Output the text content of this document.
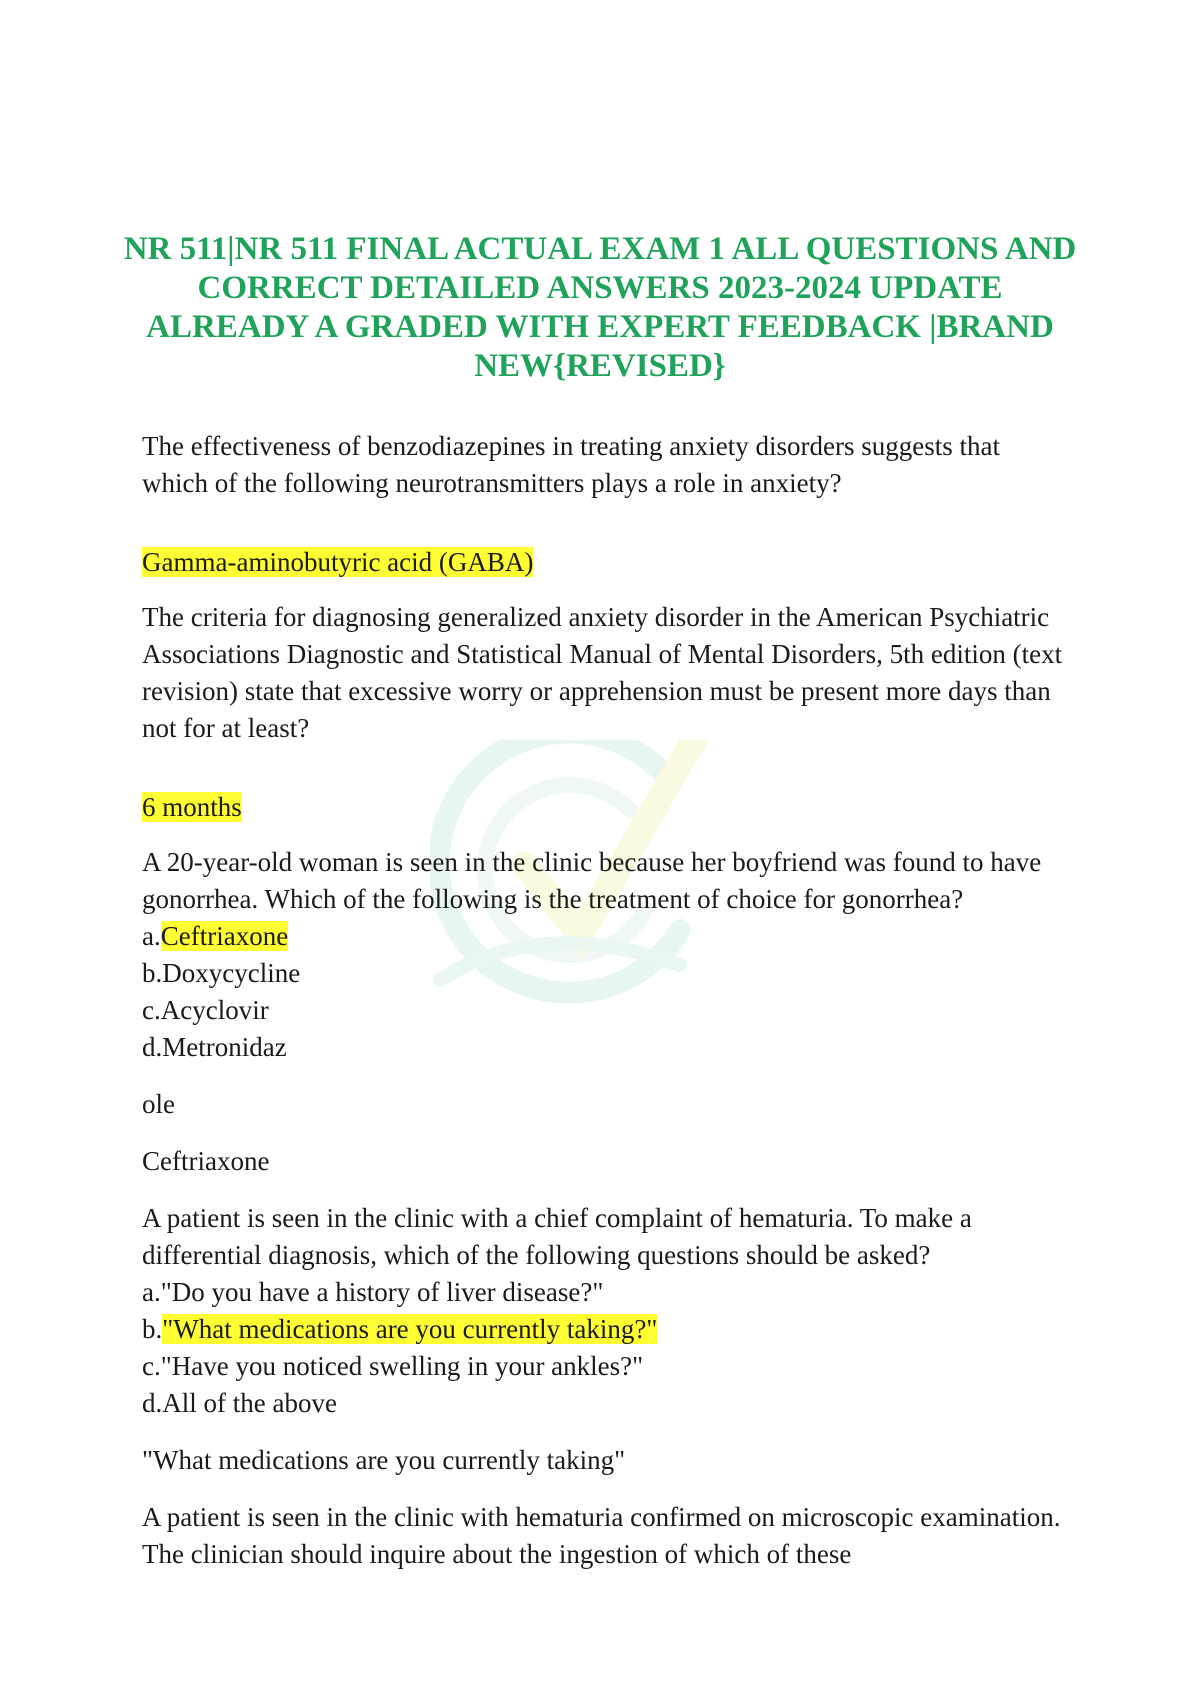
NR 511|NR 511 FINAL ACTUAL EXAM 1 ALL QUESTIONS AND CORRECT DETAILED ANSWERS 2023-2024 UPDATE ALREADY A GRADED WITH EXPERT FEEDBACK |BRAND NEW{REVISED}

The effectiveness of benzodiazepines in treating anxiety disorders suggests that which of the following neurotransmitters plays a role in anxiety?

Gamma-aminobutyric acid (GABA)

The criteria for diagnosing generalized anxiety disorder in the American Psychiatric Associations Diagnostic and Statistical Manual of Mental Disorders, 5th edition (text revision) state that excessive worry or apprehension must be present more days than not for at least?

6 months

A 20-year-old woman is seen in the clinic because her boyfriend was found to have gonorrhea. Which of the following is the treatment of choice for gonorrhea?

a.Ceftriaxone

b.Doxycycline

c.Acyclovir

d.Metronidaz

ole

Ceftriaxone

A patient is seen in the clinic with a chief complaint of hematuria. To make a differential diagnosis, which of the following questions should be asked?

a."Do you have a history of liver disease?"

b."What medications are you currently taking?"

c."Have you noticed swelling in your ankles?"

d.All of the above

"What medications are you currently taking"

A patient is seen in the clinic with hematuria confirmed on microscopic examination. The clinician should inquire about the ingestion of which of these
